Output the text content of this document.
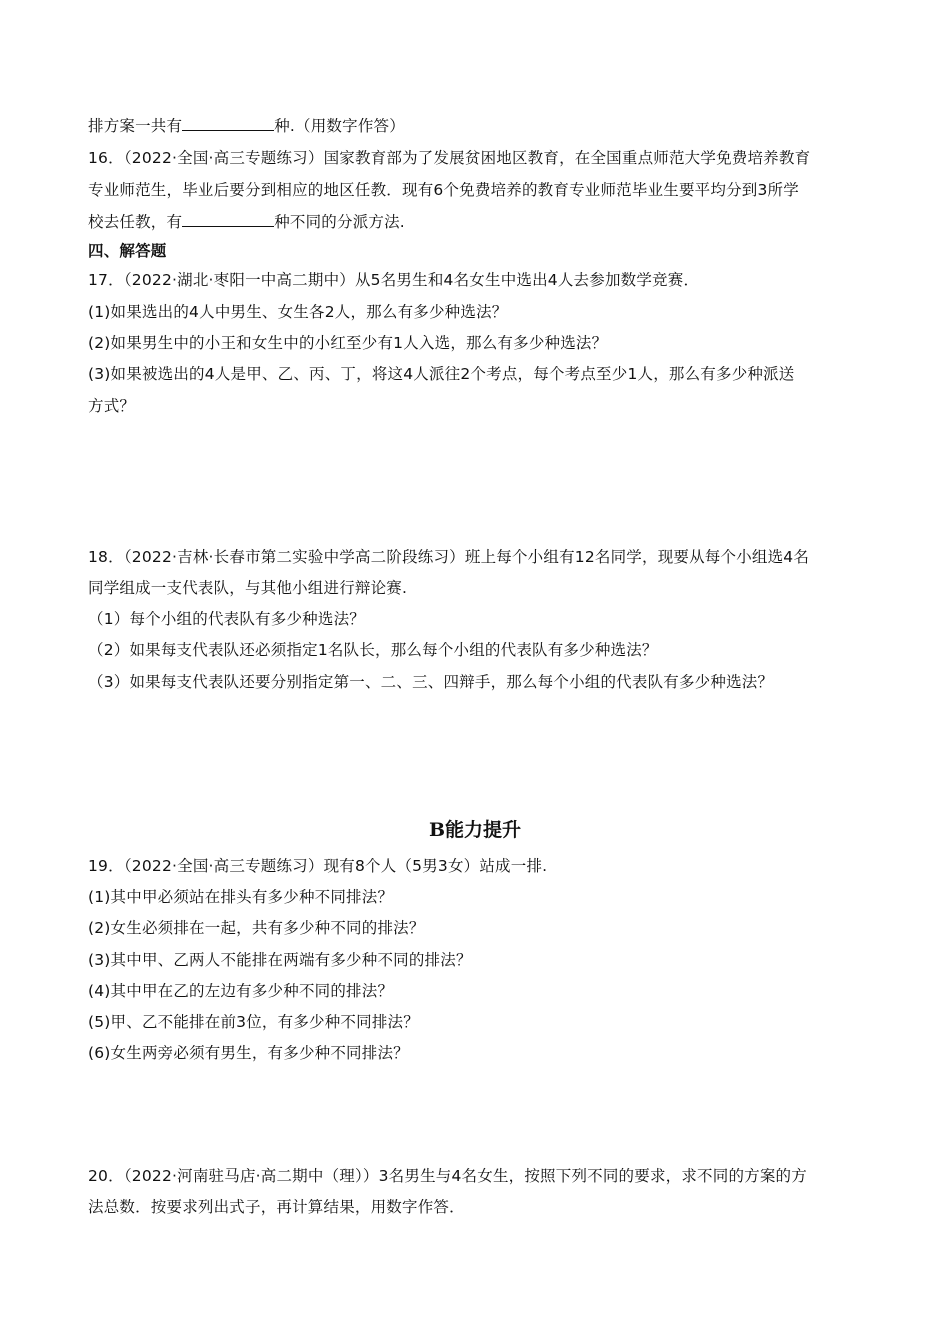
排方案一共有	种.（用数字作答）
16．（2022·全国·高三专题练习）国家教育部为了发展贫困地区教育，在全国重点师范大学免费培养教育
专业师范生，毕业后要分到相应的地区任教．现有6个免费培养的教育专业师范毕业生要平均分到3所学
校去任教，有	种不同的分派方法.
四、解答题
17．（2022·湖北·枣阳一中高二期中）从5名男生和4名女生中选出4人去参加数学竞赛．
(1)如果选出的4人中男生、女生各2人，那么有多少种选法？
(2)如果男生中的小王和女生中的小红至少有1人入选，那么有多少种选法？
(3)如果被选出的4人是甲、乙、丙、丁，将这4人派往2个考点，每个考点至少1人，那么有多少种派送
方式？
18．（2022·吉林·长春市第二实验中学高二阶段练习）班上每个小组有12名同学，现要从每个小组选4名
同学组成一支代表队，与其他小组进行辩论赛.
（1）每个小组的代表队有多少种选法？
（2）如果每支代表队还必须指定1名队长，那么每个小组的代表队有多少种选法？
（3）如果每支代表队还要分别指定第一、二、三、四辩手，那么每个小组的代表队有多少种选法？
B能力提升
19．（2022·全国·高三专题练习）现有8个人（5男3女）站成一排.
(1)其中甲必须站在排头有多少种不同排法？
(2)女生必须排在一起，共有多少种不同的排法？
(3)其中甲、乙两人不能排在两端有多少种不同的排法？
(4)其中甲在乙的左边有多少种不同的排法？
(5)甲、乙不能排在前3位，有多少种不同排法？
(6)女生两旁必须有男生，有多少种不同排法？
20．（2022·河南驻马店·高二期中（理））3名男生与4名女生，按照下列不同的要求，求不同的方案的方
法总数．按要求列出式子，再计算结果，用数字作答．
